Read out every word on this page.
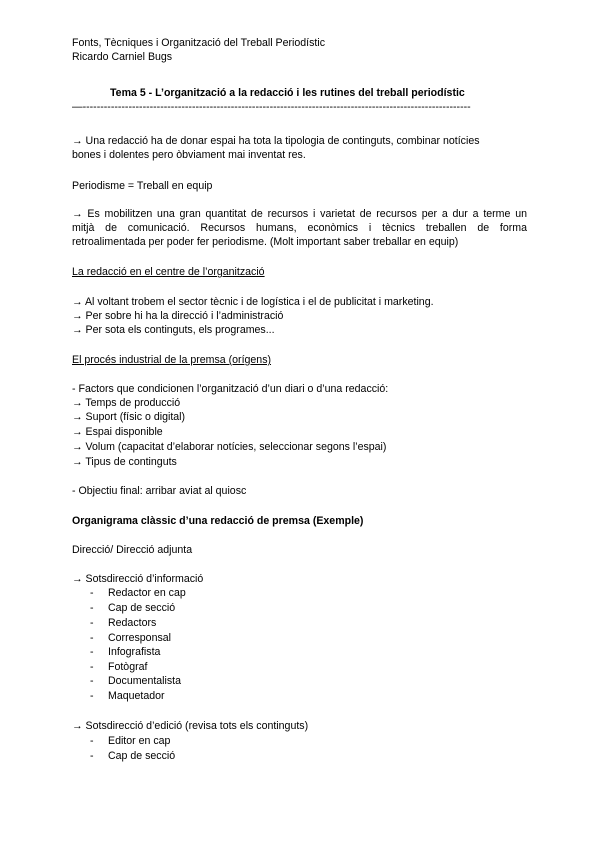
Fonts, Tècniques i Organització del Treball Periodístic
Ricardo Carniel Bugs
Tema 5 - L’organització a la redacció i les rutines del treball periodístic
—--------------------------------------------------------------------------------------------------------------
→ Una redacció ha de donar espai ha tota la tipologia de continguts, combinar notícies
bones i dolentes pero òbviament mai inventat res.
Periodisme = Treball en equip
→ Es mobilitzen una gran quantitat de recursos i varietat de recursos per a dur a terme un
mitjà de comunicació. Recursos humans, econòmics i tècnics treballen de forma
retroalimentada per poder fer periodisme. (Molt important saber treballar en equip)
La redacció en el centre de l’organització
→ Al voltant trobem el sector tècnic i de logística i el de publicitat i marketing.
→ Per sobre hi ha la direcció i l’administració
→ Per sota els continguts, els programes...
El procés industrial de la premsa (orígens)
- Factors que condicionen l’organització d’un diari o d’una redacció:
→ Temps de producció
→ Suport (físic o digital)
→ Espai disponible
→ Volum (capacitat d’elaborar notícies, seleccionar segons l’espai)
→ Tipus de continguts
- Objectiu final: arribar aviat al quiosc
Organigrama clàssic d’una redacció de premsa (Exemple)
Direcció/ Direcció adjunta
→ Sotsdirecció d’informació
- Redactor en cap
- Cap de secció
- Redactors
- Corresponsal
- Infografista
- Fotògraf
- Documentalista
- Maquetador
→ Sotsdirecció d’edició (revisa tots els continguts)
- Editor en cap
- Cap de secció
